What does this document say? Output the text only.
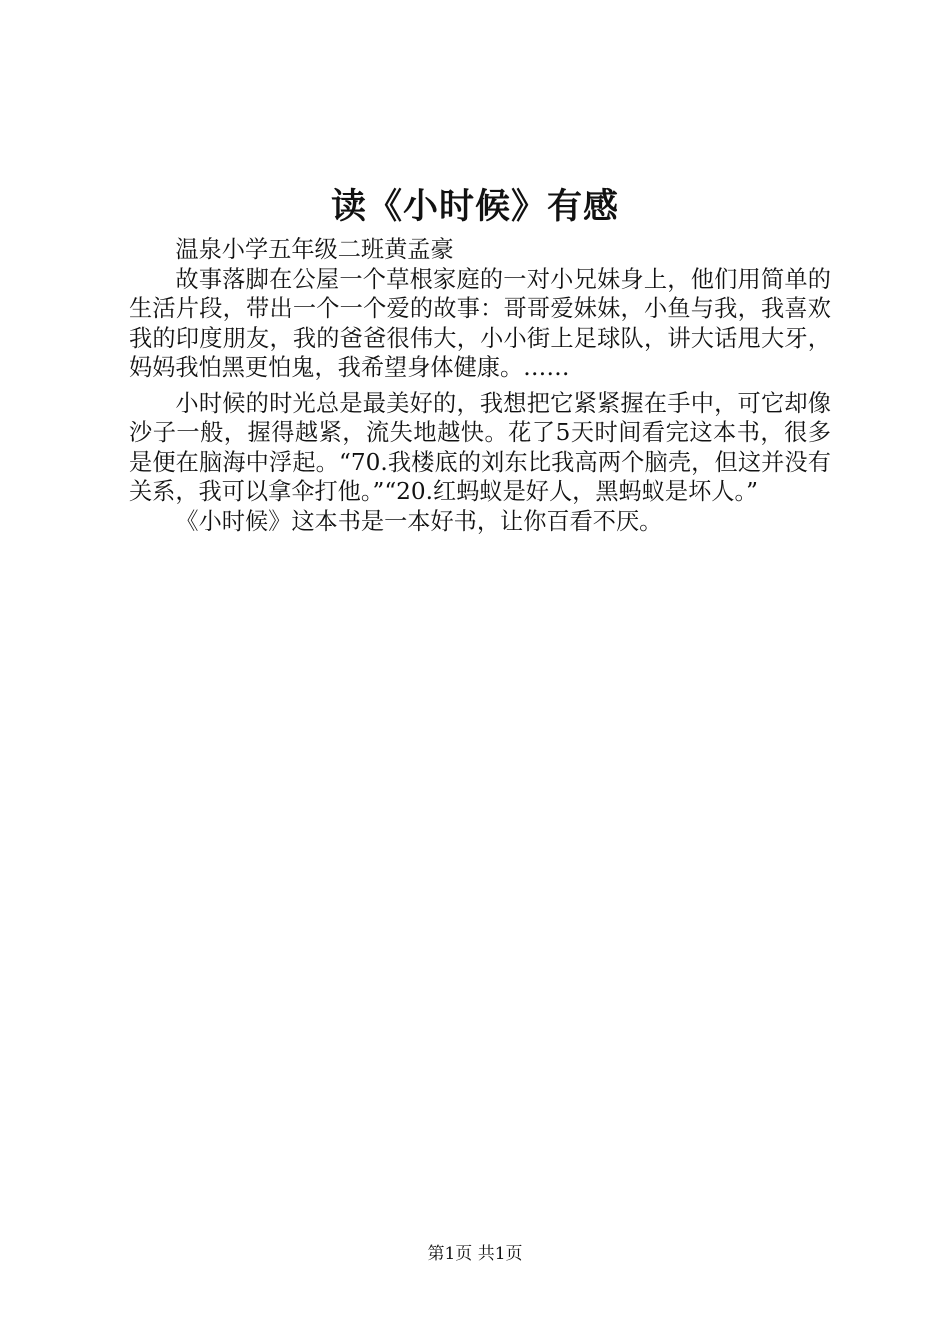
读《小时候》有感

温泉小学五年级二班黄孟豪

故事落脚在公屋一个草根家庭的一对小兄妹身上，他们用简单的生活片段，带出一个一个爱的故事：哥哥爱妹妹，小鱼与我，我喜欢我的印度朋友，我的爸爸很伟大，小小街上足球队，讲大话甩大牙，妈妈我怕黑更怕鬼，我希望身体健康。……

小时候的时光总是最美好的，我想把它紧紧握在手中，可它却像沙子一般，握得越紧，流失地越快。花了5天时间看完这本书，很多是便在脑海中浮起。“70.我楼底的刘东比我高两个脑壳，但这并没有关系，我可以拿伞打他。”“20.红蚂蚁是好人，黑蚂蚁是坏人。”

《小时候》这本书是一本好书，让你百看不厌。

第1页 共1页
